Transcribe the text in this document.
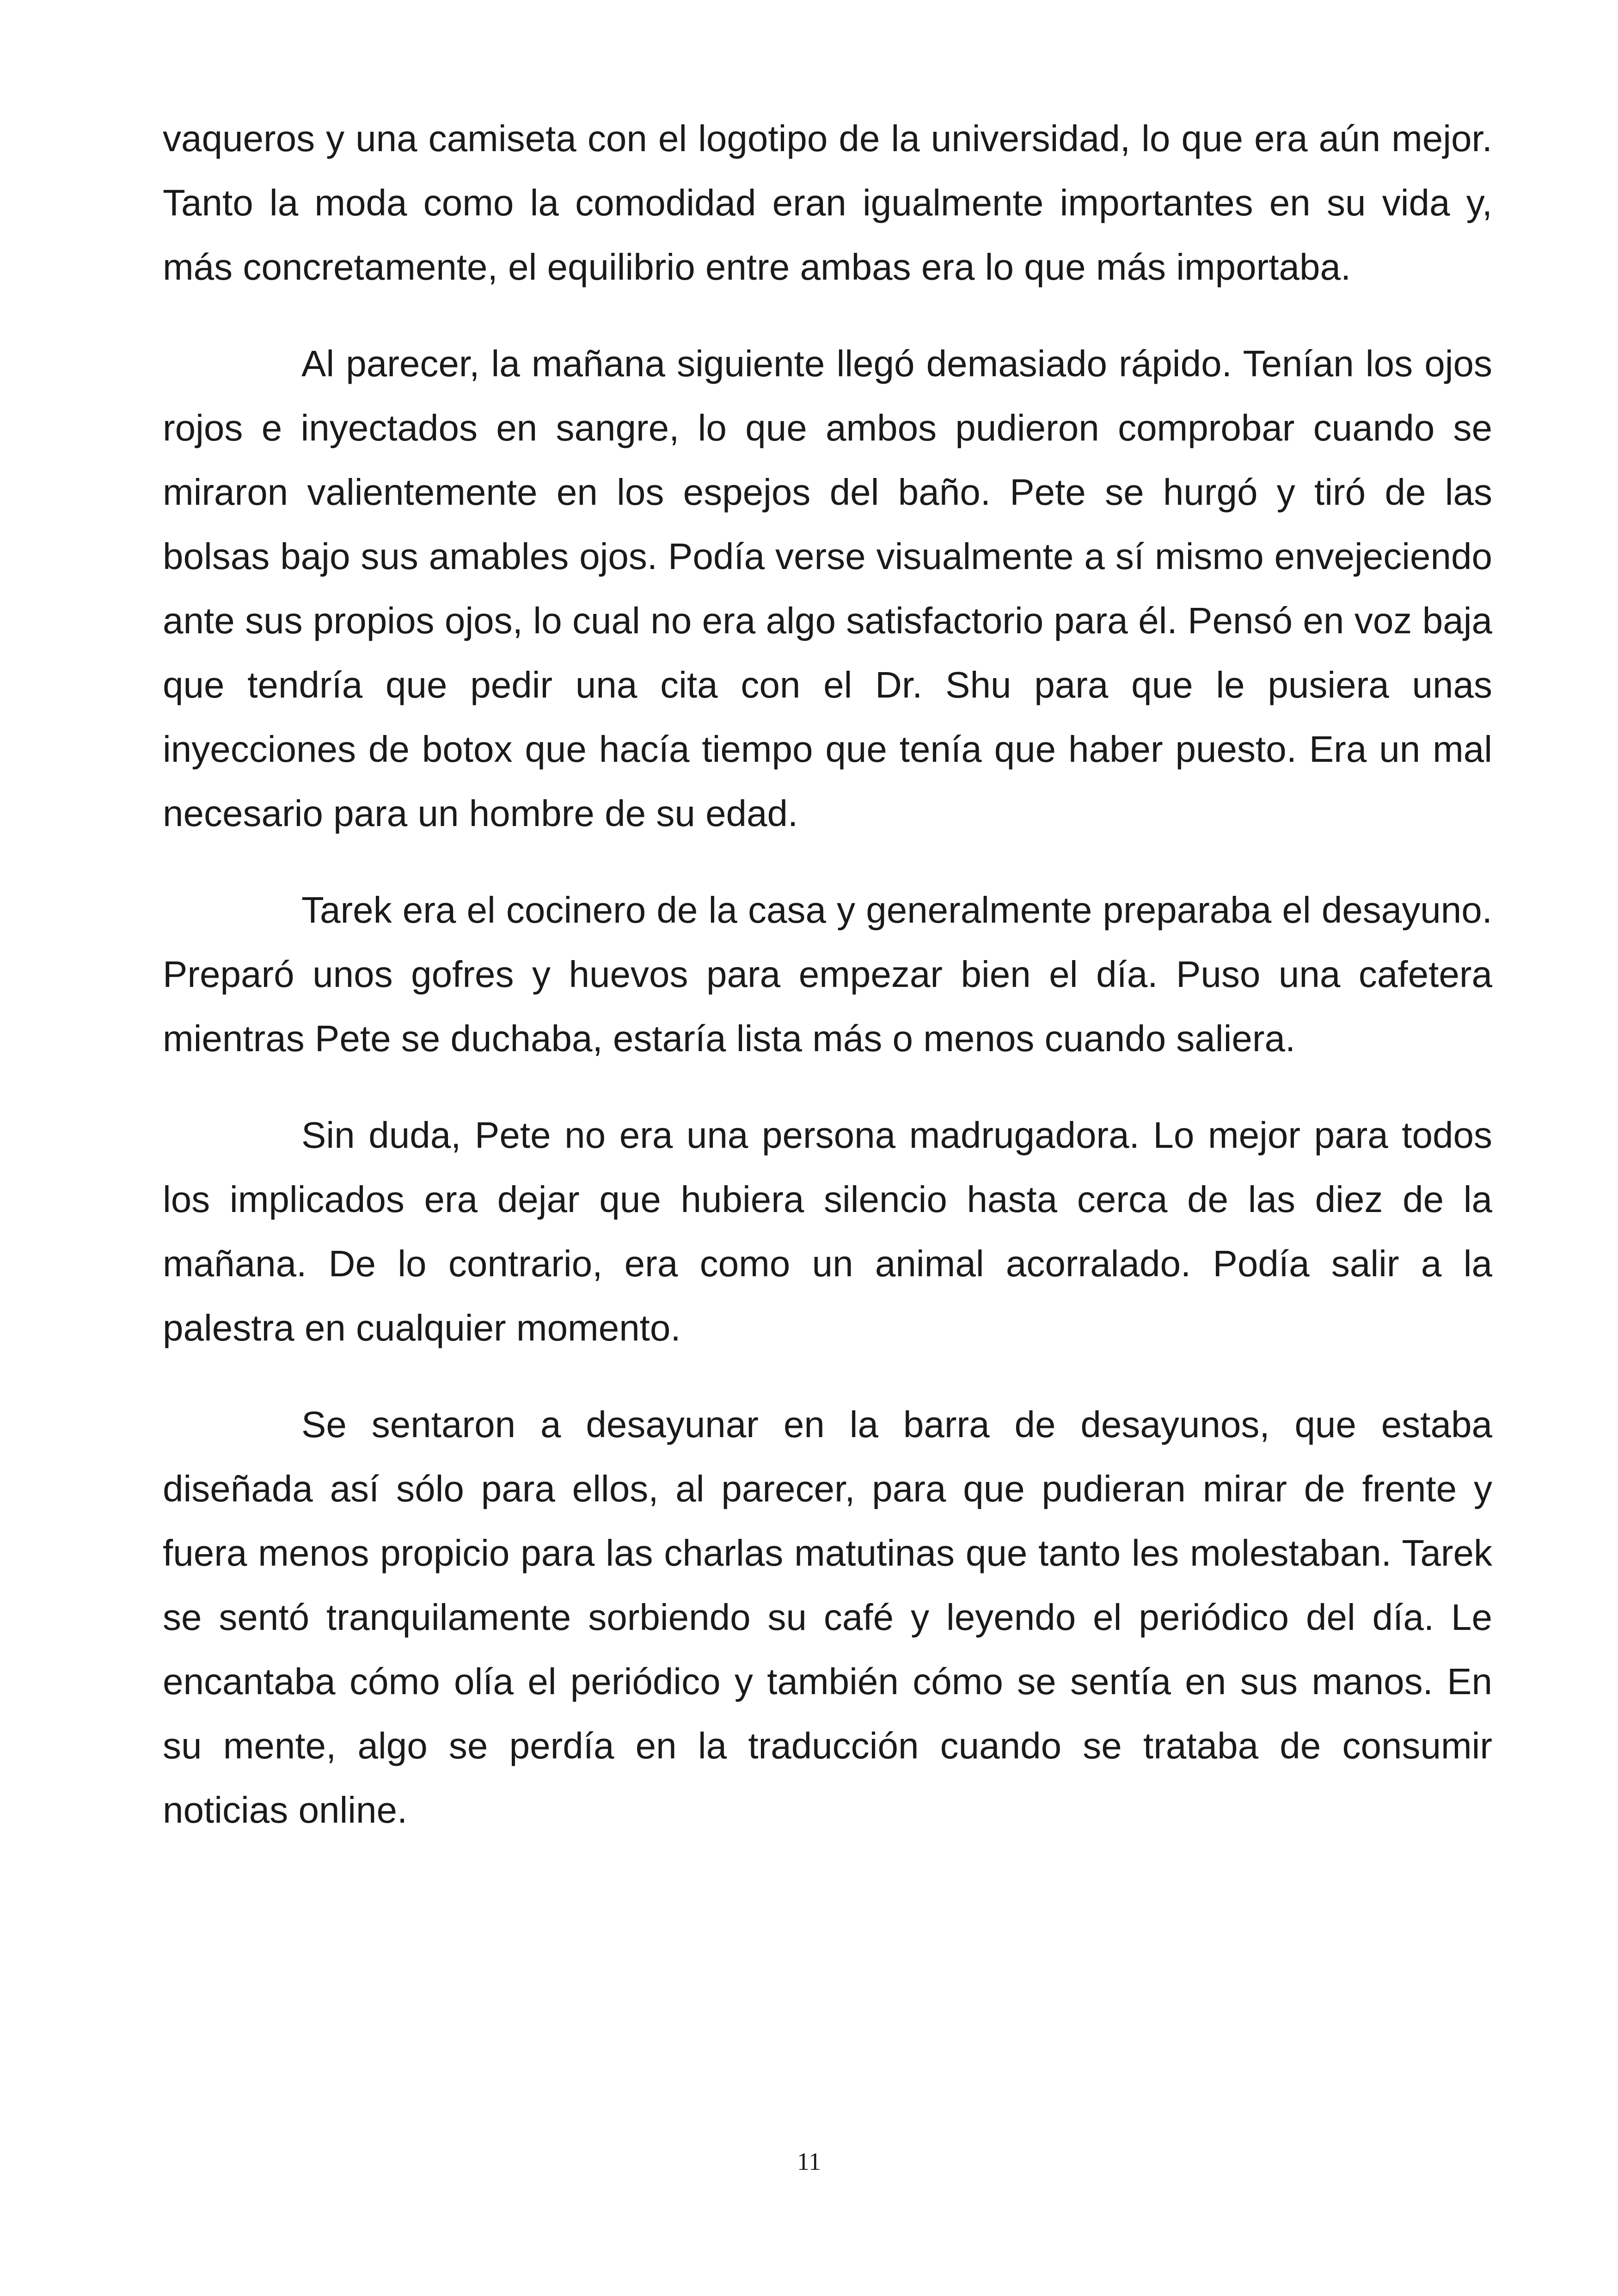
vaqueros y una camiseta con el logotipo de la universidad, lo que era aún mejor. Tanto la moda como la comodidad eran igualmente importantes en su vida y, más concretamente, el equilibrio entre ambas era lo que más importaba.

Al parecer, la mañana siguiente llegó demasiado rápido. Tenían los ojos rojos e inyectados en sangre, lo que ambos pudieron comprobar cuando se miraron valientemente en los espejos del baño. Pete se hurgó y tiró de las bolsas bajo sus amables ojos. Podía verse visualmente a sí mismo envejeciendo ante sus propios ojos, lo cual no era algo satisfactorio para él. Pensó en voz baja que tendría que pedir una cita con el Dr. Shu para que le pusiera unas inyecciones de botox que hacía tiempo que tenía que haber puesto. Era un mal necesario para un hombre de su edad.

Tarek era el cocinero de la casa y generalmente preparaba el desayuno. Preparó unos gofres y huevos para empezar bien el día. Puso una cafetera mientras Pete se duchaba, estaría lista más o menos cuando saliera.

Sin duda, Pete no era una persona madrugadora. Lo mejor para todos los implicados era dejar que hubiera silencio hasta cerca de las diez de la mañana. De lo contrario, era como un animal acorralado. Podía salir a la palestra en cualquier momento.

Se sentaron a desayunar en la barra de desayunos, que estaba diseñada así sólo para ellos, al parecer, para que pudieran mirar de frente y fuera menos propicio para las charlas matutinas que tanto les molestaban. Tarek se sentó tranquilamente sorbiendo su café y leyendo el periódico del día. Le encantaba cómo olía el periódico y también cómo se sentía en sus manos. En su mente, algo se perdía en la traducción cuando se trataba de consumir noticias online.

11
